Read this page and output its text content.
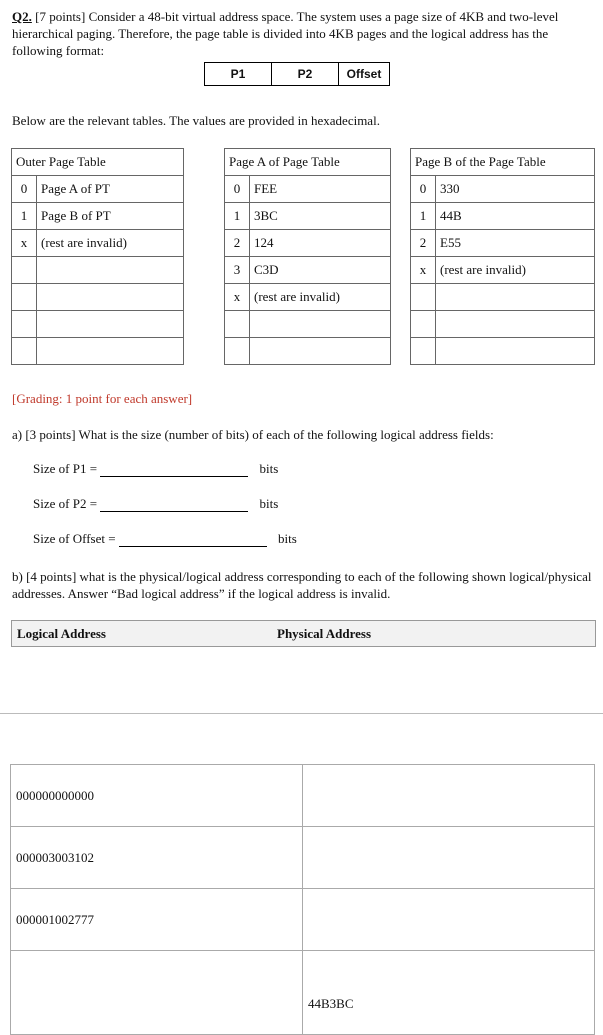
Q2. [7 points] Consider a 48-bit virtual address space. The system uses a page size of 4KB and two-level hierarchical paging. Therefore, the page table is divided into 4KB pages and the logical address has the following format:
P1	P2	Offset
Below are the relevant tables. The values are provided in hexadecimal.
Outer Page Table	
0	Page A of PT
1	Page B of PT
x	(rest are invalid)

Page A of Page Table	
0	FEE
1	3BC
2	124
3	C3D
x	(rest are invalid)

Page B of the Page Table	
0	330
1	44B
2	E55
x	(rest are invalid)

[Grading: 1 point for each answer]
a) [3 points] What is the size (number of bits) of each of the following logical address fields:
Size of P1 =	bits
Size of P2 =	bits
Size of Offset =	bits
b) [4 points] what is the physical/logical address corresponding to each of the following shown logical/physical addresses. Answer “Bad logical address” if the logical address is invalid.
Logical Address	Physical Address
000000000000	
000003003102	
000001002777	
	44B3BC
